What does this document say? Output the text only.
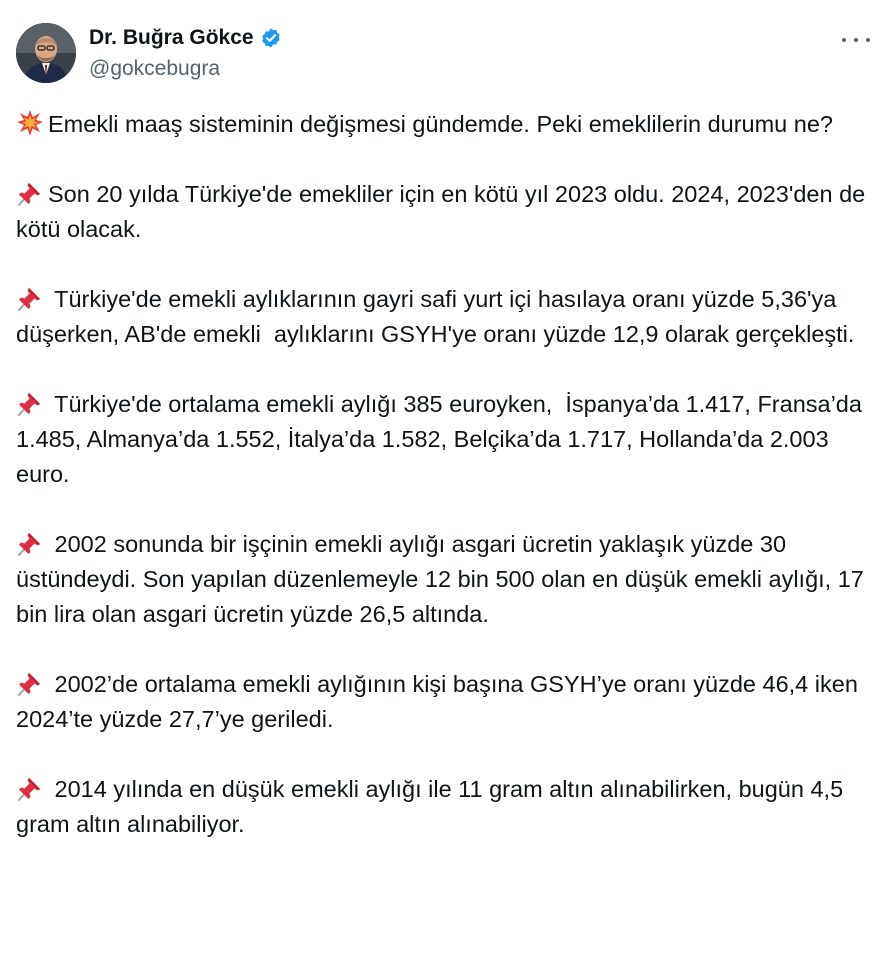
Dr. Buğra Gökce
@gokcebugra
Emekli maaş sisteminin değişmesi gündemde. Peki emeklilerin durumu ne?
Son 20 yılda Türkiye'de emekliler için en kötü yıl 2023 oldu. 2024, 2023'den de kötü olacak.
Türkiye'de emekli aylıklarının gayri safi yurt içi hasılaya oranı yüzde 5,36'ya düşerken, AB'de emekli  aylıklarını GSYH'ye oranı yüzde 12,9 olarak gerçekleşti.
Türkiye'de ortalama emekli aylığı 385 euroyken,  İspanya’da 1.417, Fransa’da 1.485, Almanya’da 1.552, İtalya’da 1.582, Belçika’da 1.717, Hollanda’da 2.003 euro.
2002 sonunda bir işçinin emekli aylığı asgari ücretin yaklaşık yüzde 30 üstündeydi. Son yapılan düzenlemeyle 12 bin 500 olan en düşük emekli aylığı, 17 bin lira olan asgari ücretin yüzde 26,5 altında.
2002’de ortalama emekli aylığının kişi başına GSYH’ye oranı yüzde 46,4 iken 2024’te yüzde 27,7’ye geriledi.
2014 yılında en düşük emekli aylığı ile 11 gram altın alınabilirken, bugün 4,5 gram altın alınabiliyor.
